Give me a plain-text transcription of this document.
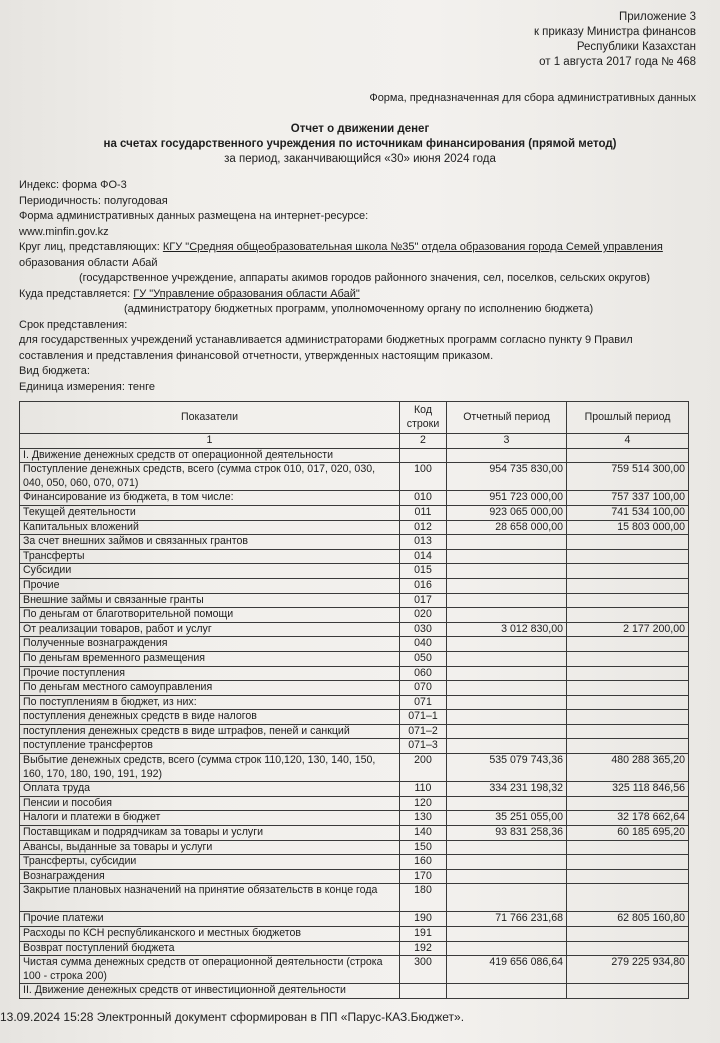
Приложение 3
к приказу Министра финансов
Республики Казахстан
от 1 августа 2017 года № 468
Форма, предназначенная для сбора административных данных
Отчет о движении денег
на счетах государственного учреждения по источникам финансирования (прямой метод)
за период, заканчивающийся «30» июня 2024 года
Индекс: форма ФО-3
Периодичность: полугодовая
Форма административных данных размещена на интернет-ресурсе:
www.minfin.gov.kz
Круг лиц, представляющих: КГУ "Средняя общеобразовательная школа №35" отдела образования города Семей управления
образования области Абай
(государственное учреждение, аппараты акимов городов районного значения, сел, поселков, сельских округов)
Куда представляется: ГУ "Управление образования области Абай"
(администратору бюджетных программ, уполномоченному органу по исполнению бюджета)
Срок представления:
для государственных учреждений устанавливается администраторами бюджетных программ согласно пункту 9 Правил составления и представления финансовой отчетности, утвержденных настоящим приказом.
Вид бюджета:
Единица измерения: тенге
Показатели	Код строки	Отчетный период	Прошлый период
1	2	3	4
I. Движение денежных средств от операционной деятельности			
Поступление денежных средств, всего (сумма строк 010, 017, 020, 030, 040, 050, 060, 070, 071)	100	954 735 830,00	759 514 300,00
Финансирование из бюджета, в том числе:	010	951 723 000,00	757 337 100,00
Текущей деятельности	011	923 065 000,00	741 534 100,00
Капитальных вложений	012	28 658 000,00	15 803 000,00
За счет внешних займов и связанных грантов	013		
Трансферты	014		
Субсидии	015		
Прочие	016		
Внешние займы и связанные гранты	017		
По деньгам от благотворительной помощи	020		
От реализации товаров, работ и услуг	030	3 012 830,00	2 177 200,00
Полученные вознаграждения	040		
По деньгам временного размещения	050		
Прочие поступления	060		
По деньгам местного самоуправления	070		
По поступлениям в бюджет, из них:	071		
поступления денежных средств в виде налогов	071–1		
поступления денежных средств в виде штрафов, пеней и санкций	071–2		
поступление трансфертов	071–3		
Выбытие денежных средств, всего (сумма строк 110,120, 130, 140, 150, 160, 170, 180, 190, 191, 192)	200	535 079 743,36	480 288 365,20
Оплата труда	110	334 231 198,32	325 118 846,56
Пенсии и пособия	120		
Налоги и платежи в бюджет	130	35 251 055,00	32 178 662,64
Поставщикам и подрядчикам за товары и услуги	140	93 831 258,36	60 185 695,20
Авансы, выданные за товары и услуги	150		
Трансферты, субсидии	160		
Вознаграждения	170		
Закрытие плановых назначений на принятие обязательств в конце года	180		
Прочие платежи	190	71 766 231,68	62 805 160,80
Расходы по КСН республиканского и местных бюджетов	191		
Возврат поступлений бюджета	192		
Чистая сумма денежных средств от операционной деятельности (строка 100 - строка 200)	300	419 656 086,64	279 225 934,80
II. Движение денежных средств от инвестиционной деятельности			
13.09.2024 15:28 Электронный документ сформирован в ПП «Парус-КАЗ.Бюджет».
